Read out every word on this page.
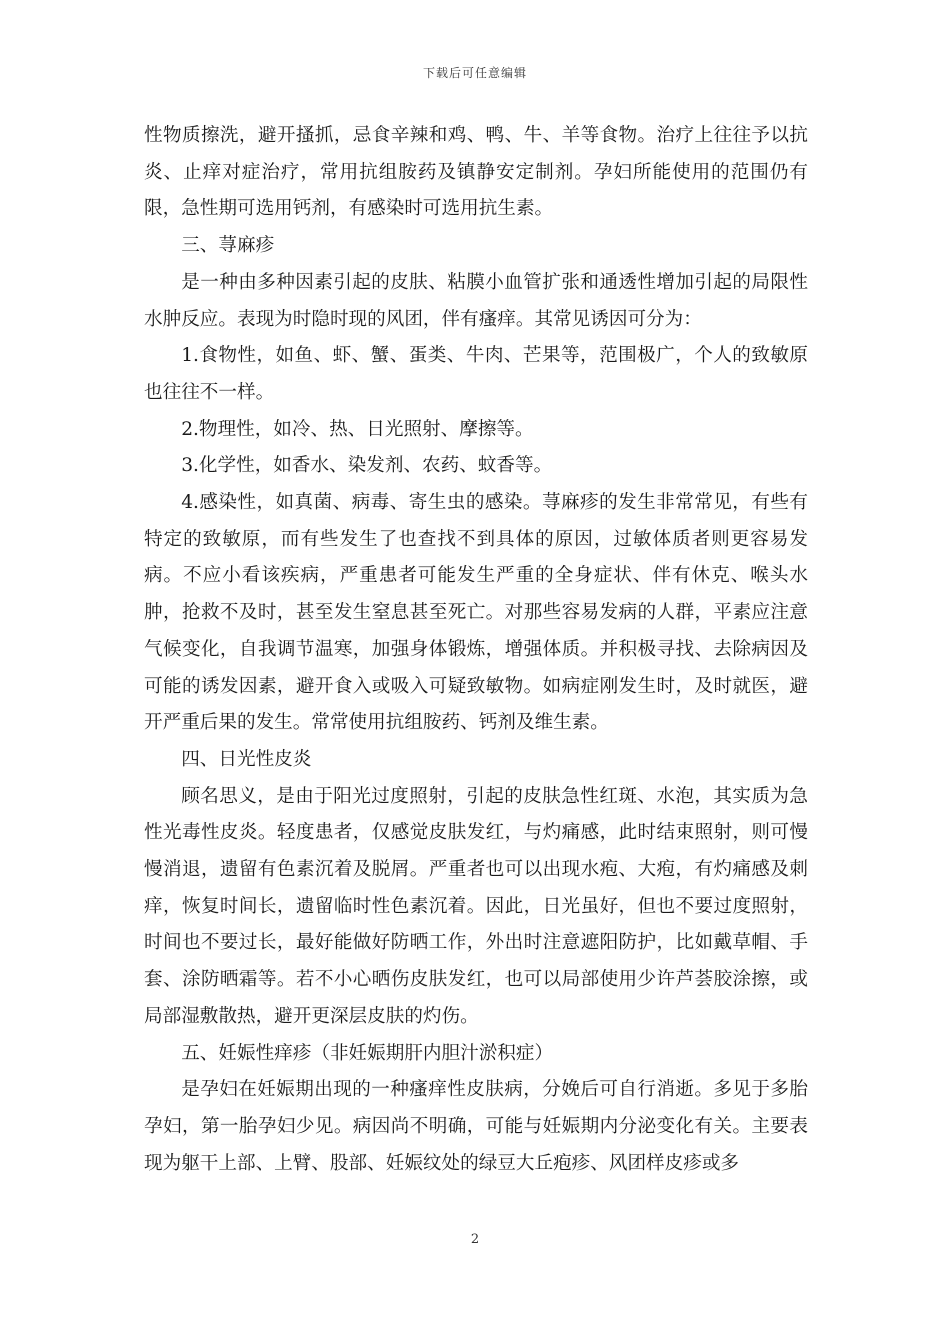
下载后可任意编辑

性物质擦洗，避开搔抓，忌食辛辣和鸡、鸭、牛、羊等食物。治疗上往往予以抗炎、止痒对症治疗，常用抗组胺药及镇静安定制剂。孕妇所能使用的范围仍有限，急性期可选用钙剂，有感染时可选用抗生素。

三、荨麻疹

是一种由多种因素引起的皮肤、粘膜小血管扩张和通透性增加引起的局限性水肿反应。表现为时隐时现的风团，伴有瘙痒。其常见诱因可分为：

1.食物性，如鱼、虾、蟹、蛋类、牛肉、芒果等，范围极广，个人的致敏原也往往不一样。

2.物理性，如冷、热、日光照射、摩擦等。

3.化学性，如香水、染发剂、农药、蚊香等。

4.感染性，如真菌、病毒、寄生虫的感染。荨麻疹的发生非常常见，有些有特定的致敏原，而有些发生了也查找不到具体的原因，过敏体质者则更容易发病。不应小看该疾病，严重患者可能发生严重的全身症状、伴有休克、喉头水肿，抢救不及时，甚至发生窒息甚至死亡。对那些容易发病的人群，平素应注意气候变化，自我调节温寒，加强身体锻炼，增强体质。并积极寻找、去除病因及可能的诱发因素，避开食入或吸入可疑致敏物。如病症刚发生时，及时就医，避开严重后果的发生。常常使用抗组胺药、钙剂及维生素。

四、日光性皮炎

顾名思义，是由于阳光过度照射，引起的皮肤急性红斑、水泡，其实质为急性光毒性皮炎。轻度患者，仅感觉皮肤发红，与灼痛感，此时结束照射，则可慢慢消退，遗留有色素沉着及脱屑。严重者也可以出现水疱、大疱，有灼痛感及刺痒，恢复时间长，遗留临时性色素沉着。因此，日光虽好，但也不要过度照射，时间也不要过长，最好能做好防晒工作，外出时注意遮阳防护，比如戴草帽、手套、涂防晒霜等。若不小心晒伤皮肤发红，也可以局部使用少许芦荟胶涂擦，或局部湿敷散热，避开更深层皮肤的灼伤。

五、妊娠性痒疹（非妊娠期肝内胆汁淤积症）

是孕妇在妊娠期出现的一种瘙痒性皮肤病，分娩后可自行消逝。多见于多胎孕妇，第一胎孕妇少见。病因尚不明确，可能与妊娠期内分泌变化有关。主要表现为躯干上部、上臂、股部、妊娠纹处的绿豆大丘疱疹、风团样皮疹或多

2
